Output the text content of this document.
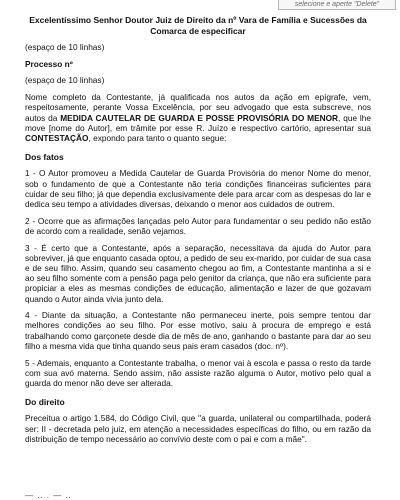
selecione e aperte "Delete"
Excelentíssimo Senhor Doutor Juiz de Direito da nº Vara de Família e Sucessões da Comarca de especificar

(espaço de 10 linhas)

Processo nº

(espaço de 10 linhas)

Nome completo da Contestante, já qualificada nos autos da ação em epígrafe, vem, respeitosamente, perante Vossa Excelência, por seu advogado que esta subscreve, nos autos da MEDIDA CAUTELAR DE GUARDA E POSSE PROVISÓRIA DO MENOR, que lhe move [nome do Autor], em trâmite por esse R. Juízo e respectivo cartório, apresentar sua CONTESTAÇÃO, expondo para tanto o quanto segue:

Dos fatos

1 - O Autor promoveu a Medida Cautelar de Guarda Provisória do menor Nome do menor, sob o fundamento de que a Contestante não teria condições financeiras suficientes para cuidar de seu filho; já que dependia exclusivamente dele para arcar com as despesas do lar e dedica seu tempo a atividades diversas, deixando o menor aos cuidados de outrem.

2 - Ocorre que as afirmações lançadas pelo Autor para fundamentar o seu pedido não estão de acordo com a realidade, senão vejamos.

3 - É certo que a Contestante, após a separação, necessitava da ajuda do Autor para sobreviver, já que enquanto casada optou, a pedido de seu ex-marido, por cuidar de sua casa e de seu filho. Assim, quando seu casamento chegou ao fim, a Contestante mantinha a si e ao seu filho somente com a pensão paga pelo genitor da criança, que não era suficiente para propiciar a eles as mesmas condições de educação, alimentação e lazer de que gozavam quando o Autor ainda vivia junto dela.

4 - Diante da situação, a Contestante não permaneceu inerte, pois sempre tentou dar melhores condições ao seu filho. Por esse motivo, saiu à procura de emprego e está trabalhando como garçonete desde dia de mês de ano, ganhando o bastante para dar ao seu filho a mesma vida que tinha quando seus pais eram casados (doc. nº).

5 - Ademais, enquanto a Contestante trabalha, o menor vai à escola e passa o resto da tarde com sua avó materna. Sendo assim, não assiste razão alguma o Autor, motivo pelo qual a guarda do menor não deve ser alterada.

Do direito

Preceitua o artigo 1.584, do Código Civil, que "a guarda, unilateral ou compartilhada, poderá ser: II - decretada pelo juiz, em atenção a necessidades específicas do filho, ou em razão da distribuição de tempo necessário ao convívio deste com o pai e com a mãe".

— ‥ . — ‥
